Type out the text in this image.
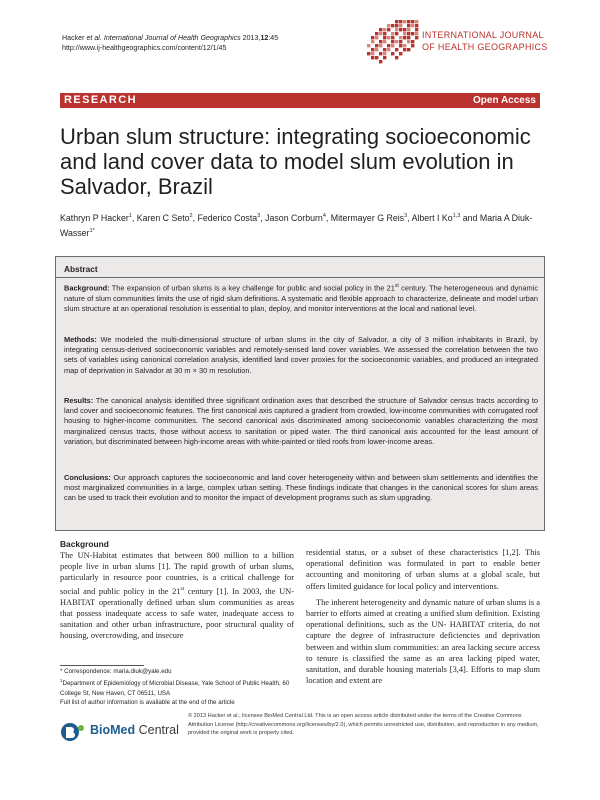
Hacker et al. International Journal of Health Geographics 2013,12:45
http://www.ij-healthgeographics.com/content/12/1/45
INTERNATIONAL JOURNAL
OF HEALTH GEOGRAPHICS
RESEARCH	Open Access
Urban slum structure: integrating socioeconomic and land cover data to model slum evolution in Salvador, Brazil
Kathryn P Hacker$^1$, Karen C Seto$^2$, Federico Costa$^3$, Jason Corburn$^4$, Mitermayer G Reis$^3$, Albert I Ko$^{1,3}$ and Maria A Diuk-Wasser$^{1*}$
Abstract
Background: The expansion of urban slums is a key challenge for public and social policy in the 21st century. The heterogeneous and dynamic nature of slum communities limits the use of rigid slum definitions. A systematic and flexible approach to characterize, delineate and model urban slum structure at an operational resolution is essential to plan, deploy, and monitor interventions at the local and national level.
Methods: We modeled the multi-dimensional structure of urban slums in the city of Salvador, a city of 3 million inhabitants in Brazil, by integrating census-derived socioeconomic variables and remotely-sensed land cover variables. We assessed the correlation between the two sets of variables using canonical correlation analysis, identified land cover proxies for the socioeconomic variables, and produced an integrated map of deprivation in Salvador at 30 m × 30 m resolution.
Results: The canonical analysis identified three significant ordination axes that described the structure of Salvador census tracts according to land cover and socioeconomic features. The first canonical axis captured a gradient from crowded, low-income communities with corrugated roof housing to higher-income communities. The second canonical axis discriminated among socioeconomic variables characterizing the most marginalized census tracts, those without access to sanitation or piped water. The third canonical axis accounted for the least amount of variation, but discriminated between high-income areas with white-painted or tiled roofs from lower-income areas.
Conclusions: Our approach captures the socioeconomic and land cover heterogeneity within and between slum settlements and identifies the most marginalized communities in a large, complex urban setting. These findings indicate that changes in the canonical scores for slum areas can be used to track their evolution and to monitor the impact of development programs such as slum upgrading.
Background

The UN-Habitat estimates that between 800 million to a billion people live in urban slums [1]. The rapid growth of urban slums, particularly in resource poor countries, is a critical challenge for social and public policy in the 21st century [1]. In 2003, the UN- HABITAT operationally defined urban slum communities as areas that possess inadequate access to safe water, inadequate access to sanitation and other urban infrastructure, poor structural quality of housing, overcrowding, and insecure

residential status, or a subset of these characteristics [1,2]. This operational definition was formulated in part to enable better accounting and monitoring of urban slums at a global scale, but offers limited guidance for local policy and interventions.

The inherent heterogeneity and dynamic nature of urban slums is a barrier to efforts aimed at creating a unified slum definition. Existing operational definitions, such as the UN- HABITAT criteria, do not capture the degree of infrastructure deficiencies and deprivation between and within slum communities: an area lacking secure access to tenure is classified the same as an area lacking piped water, sanitation, and durable housing materials [3,4]. Efforts to map slum location and extent are

* Correspondence: maria.diuk@yale.edu
$^1$Department of Epidemiology of Microbial Disease, Yale School of Public Health, 60 College St, New Haven, CT 06511, USA
Full list of author information is available at the end of the article
BioMed Central
© 2013 Hacker et al.; licensee BioMed Central Ltd. This is an open access article distributed under the terms of the Creative Commons Attribution License (http://creativecommons.org/licenses/by/2.0), which permits unrestricted use, distribution, and reproduction in any medium, provided the original work is properly cited.
